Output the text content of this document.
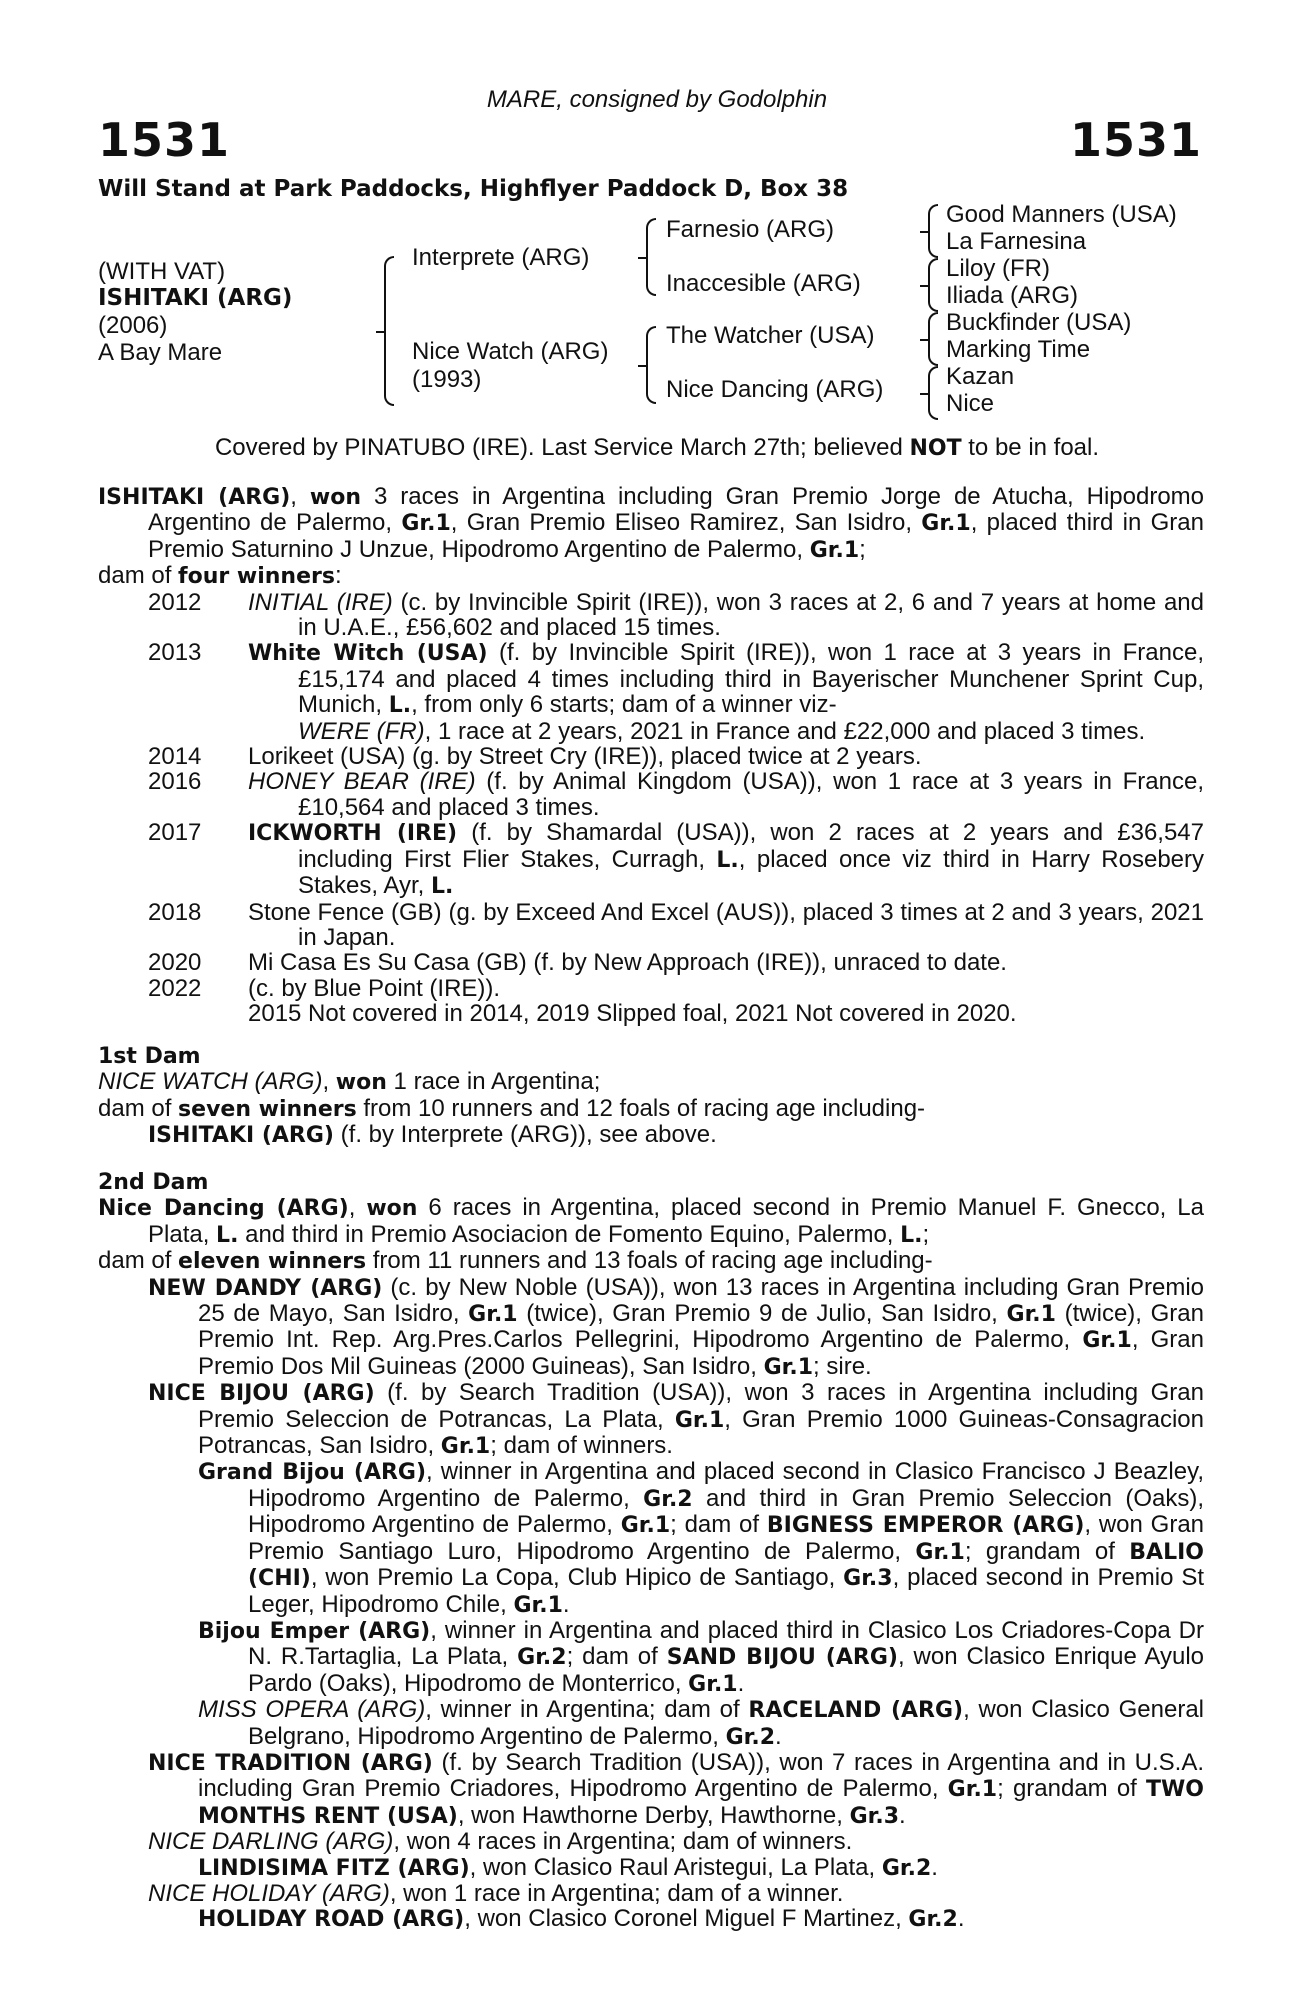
MARE, consigned by Godolphin
1531	1531
Will Stand at Park Paddocks, Highflyer Paddock D, Box 38
(WITH VAT)
ISHITAKI (ARG)
(2006)
A Bay Mare
Interprete (ARG)
Nice Watch (ARG)
(1993)
Farnesio (ARG)
Inaccesible (ARG)
The Watcher (USA)
Nice Dancing (ARG)
Good Manners (USA)
La Farnesina
Liloy (FR)
Iliada (ARG)
Buckfinder (USA)
Marking Time
Kazan
Nice
Covered by PINATUBO (IRE). Last Service March 27th; believed NOT to be in foal.

ISHITAKI (ARG), won 3 races in Argentina including Gran Premio Jorge de Atucha, Hipodromo Argentino de Palermo, Gr.1, Gran Premio Eliseo Ramirez, San Isidro, Gr.1, placed third in Gran Premio Saturnino J Unzue, Hipodromo Argentino de Palermo, Gr.1;

dam of four winners:

2012	INITIAL (IRE) (c. by Invincible Spirit (IRE)), won 3 races at 2, 6 and 7 years at home and in U.A.E., £56,602 and placed 15 times.
2013	White Witch (USA) (f. by Invincible Spirit (IRE)), won 1 race at 3 years in France, £15,174 and placed 4 times including third in Bayerischer Munchener Sprint Cup, Munich, L., from only 6 starts; dam of a winner viz-
WERE (FR), 1 race at 2 years, 2021 in France and £22,000 and placed 3 times.
2014	Lorikeet (USA) (g. by Street Cry (IRE)), placed twice at 2 years.
2016	HONEY BEAR (IRE) (f. by Animal Kingdom (USA)), won 1 race at 3 years in France, £10,564 and placed 3 times.
2017	ICKWORTH (IRE) (f. by Shamardal (USA)), won 2 races at 2 years and £36,547 including First Flier Stakes, Curragh, L., placed once viz third in Harry Rosebery Stakes, Ayr, L.
2018	Stone Fence (GB) (g. by Exceed And Excel (AUS)), placed 3 times at 2 and 3 years, 2021 in Japan.
2020	Mi Casa Es Su Casa (GB) (f. by New Approach (IRE)), unraced to date.
2022	(c. by Blue Point (IRE)).

2015 Not covered in 2014, 2019 Slipped foal, 2021 Not covered in 2020.

1st Dam

NICE WATCH (ARG), won 1 race in Argentina;

dam of seven winners from 10 runners and 12 foals of racing age including-

ISHITAKI (ARG) (f. by Interprete (ARG)), see above.

2nd Dam

Nice Dancing (ARG), won 6 races in Argentina, placed second in Premio Manuel F. Gnecco, La Plata, L. and third in Premio Asociacion de Fomento Equino, Palermo, L.;

dam of eleven winners from 11 runners and 13 foals of racing age including-

NEW DANDY (ARG) (c. by New Noble (USA)), won 13 races in Argentina including Gran Premio 25 de Mayo, San Isidro, Gr.1 (twice), Gran Premio 9 de Julio, San Isidro, Gr.1 (twice), Gran Premio Int. Rep. Arg.Pres.Carlos Pellegrini, Hipodromo Argentino de Palermo, Gr.1, Gran Premio Dos Mil Guineas (2000 Guineas), San Isidro, Gr.1; sire.

NICE BIJOU (ARG) (f. by Search Tradition (USA)), won 3 races in Argentina including Gran Premio Seleccion de Potrancas, La Plata, Gr.1, Gran Premio 1000 Guineas-Consagracion Potrancas, San Isidro, Gr.1; dam of winners.

Grand Bijou (ARG), winner in Argentina and placed second in Clasico Francisco J Beazley, Hipodromo Argentino de Palermo, Gr.2 and third in Gran Premio Seleccion (Oaks), Hipodromo Argentino de Palermo, Gr.1; dam of BIGNESS EMPEROR (ARG), won Gran Premio Santiago Luro, Hipodromo Argentino de Palermo, Gr.1; grandam of BALIO (CHI), won Premio La Copa, Club Hipico de Santiago, Gr.3, placed second in Premio St Leger, Hipodromo Chile, Gr.1.

Bijou Emper (ARG), winner in Argentina and placed third in Clasico Los Criadores-Copa Dr N. R.Tartaglia, La Plata, Gr.2; dam of SAND BIJOU (ARG), won Clasico Enrique Ayulo Pardo (Oaks), Hipodromo de Monterrico, Gr.1.

MISS OPERA (ARG), winner in Argentina; dam of RACELAND (ARG), won Clasico General Belgrano, Hipodromo Argentino de Palermo, Gr.2.

NICE TRADITION (ARG) (f. by Search Tradition (USA)), won 7 races in Argentina and in U.S.A. including Gran Premio Criadores, Hipodromo Argentino de Palermo, Gr.1; grandam of TWO MONTHS RENT (USA), won Hawthorne Derby, Hawthorne, Gr.3.

NICE DARLING (ARG), won 4 races in Argentina; dam of winners.

LINDISIMA FITZ (ARG), won Clasico Raul Aristegui, La Plata, Gr.2.

NICE HOLIDAY (ARG), won 1 race in Argentina; dam of a winner.

HOLIDAY ROAD (ARG), won Clasico Coronel Miguel F Martinez, Gr.2.
